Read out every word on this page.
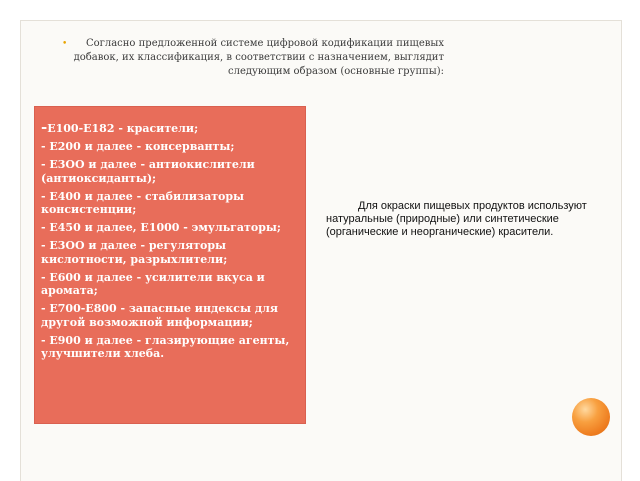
•	Согласно предложенной системе цифровой кодификации пищевых добавок, их классификация, в соответствии с назначением, выглядит следующим образом (основные группы):
-Е100-Е182 - красители;
- Е200 и далее - консерванты;
- Е3OO и далее - антиокислители (антиоксиданты);
- Е400 и далее - стабилизаторы консистенции;
- Е450 и далее, Е1000 - эмульгаторы;
- Е3OO и далее - регуляторы кислотности, разрыхлители;
- Е600 и далее - усилители вкуса и аромата;
- Е700-Е800 - запасные индексы для другой возможной информации;
- Е900 и далее - глазирующие агенты, улучшители хлеба.

Для окраски пищевых продуктов используют натуральные (природные) или синтетические (органические и неорганические) красители.
